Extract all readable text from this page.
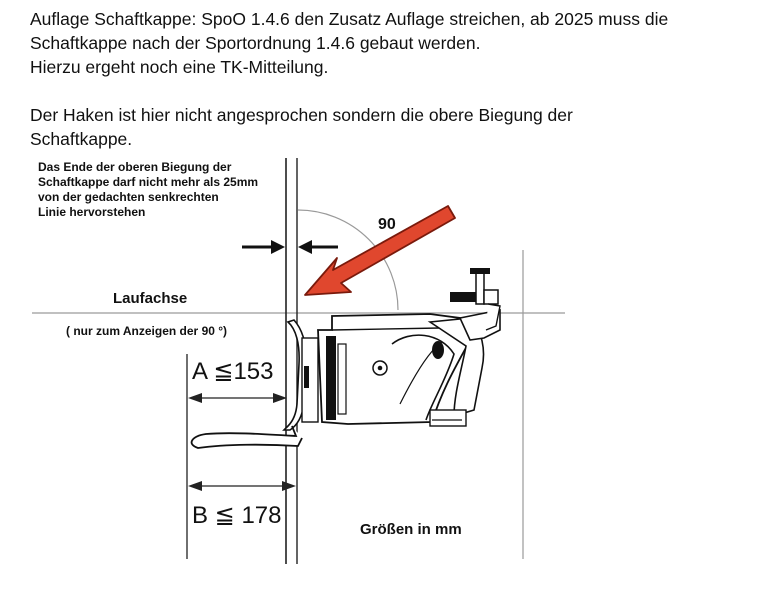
Auflage Schaftkappe: SpoO 1.4.6 den Zusatz Auflage streichen, ab 2025 muss die
Schaftkappe nach der Sportordnung 1.4.6 gebaut werden.
Hierzu ergeht noch eine TK-Mitteilung.

Der Haken ist hier nicht angesprochen sondern die obere Biegung der
Schaftkappe.

Das Ende der oberen Biegung der
Schaftkappe darf nicht mehr als 25mm
von der gedachten senkrechten
Linie hervorstehen
90
Laufachse
( nur zum Anzeigen der 90 °)
A ≦153
B ≦ 178
Größen in mm
